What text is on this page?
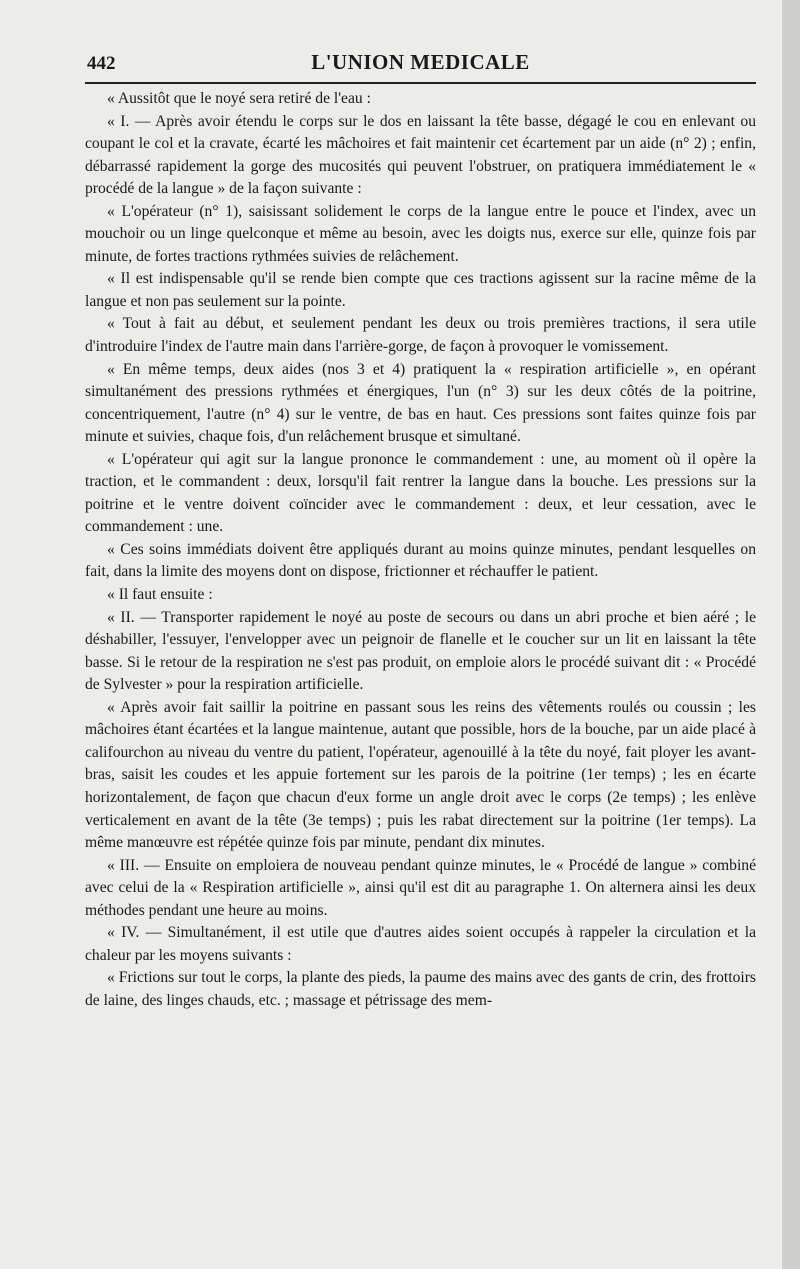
442	L'UNION MEDICALE

« Aussitôt que le noyé sera retiré de l'eau :

« I. — Après avoir étendu le corps sur le dos en laissant la tête basse, dégagé le cou en enlevant ou coupant le col et la cravate, écarté les mâchoires et fait maintenir cet écartement par un aide (n° 2) ; enfin, débarrassé rapidement la gorge des mucosités qui peuvent l'obstruer, on pratiquera immédiatement le « procédé de la langue » de la façon suivante :

« L'opérateur (n° 1), saisissant solidement le corps de la langue entre le pouce et l'index, avec un mouchoir ou un linge quelconque et même au besoin, avec les doigts nus, exerce sur elle, quinze fois par minute, de fortes tractions rythmées suivies de relâchement.

« Il est indispensable qu'il se rende bien compte que ces tractions agissent sur la racine même de la langue et non pas seulement sur la pointe.

« Tout à fait au début, et seulement pendant les deux ou trois premières tractions, il sera utile d'introduire l'index de l'autre main dans l'arrière-gorge, de façon à provoquer le vomissement.

« En même temps, deux aides (nos 3 et 4) pratiquent la « respiration artificielle », en opérant simultanément des pressions rythmées et énergiques, l'un (n° 3) sur les deux côtés de la poitrine, concentriquement, l'autre (n° 4) sur le ventre, de bas en haut. Ces pressions sont faites quinze fois par minute et suivies, chaque fois, d'un relâchement brusque et simultané.

« L'opérateur qui agit sur la langue prononce le commandement : une, au moment où il opère la traction, et le commandent : deux, lorsqu'il fait rentrer la langue dans la bouche. Les pressions sur la poitrine et le ventre doivent coïncider avec le commandement : deux, et leur cessation, avec le commandement : une.

« Ces soins immédiats doivent être appliqués durant au moins quinze minutes, pendant lesquelles on fait, dans la limite des moyens dont on dispose, frictionner et réchauffer le patient.

« Il faut ensuite :

« II. — Transporter rapidement le noyé au poste de secours ou dans un abri proche et bien aéré ; le déshabiller, l'essuyer, l'envelopper avec un peignoir de flanelle et le coucher sur un lit en laissant la tête basse. Si le retour de la respiration ne s'est pas produit, on emploie alors le procédé suivant dit : « Procédé de Sylvester » pour la respiration artificielle.

« Après avoir fait saillir la poitrine en passant sous les reins des vêtements roulés ou coussin ; les mâchoires étant écartées et la langue maintenue, autant que possible, hors de la bouche, par un aide placé à califourchon au niveau du ventre du patient, l'opérateur, agenouillé à la tête du noyé, fait ployer les avant-bras, saisit les coudes et les appuie fortement sur les parois de la poitrine (1er temps) ; les en écarte horizontalement, de façon que chacun d'eux forme un angle droit avec le corps (2e temps) ; les enlève verticalement en avant de la tête (3e temps) ; puis les rabat directement sur la poitrine (1er temps). La même manœuvre est répétée quinze fois par minute, pendant dix minutes.

« III. — Ensuite on emploiera de nouveau pendant quinze minutes, le « Procédé de langue » combiné avec celui de la « Respiration artificielle », ainsi qu'il est dit au paragraphe 1. On alternera ainsi les deux méthodes pendant une heure au moins.

« IV. — Simultanément, il est utile que d'autres aides soient occupés à rappeler la circulation et la chaleur par les moyens suivants :

« Frictions sur tout le corps, la plante des pieds, la paume des mains avec des gants de crin, des frottoirs de laine, des linges chauds, etc. ; massage et pétrissage des mem-
